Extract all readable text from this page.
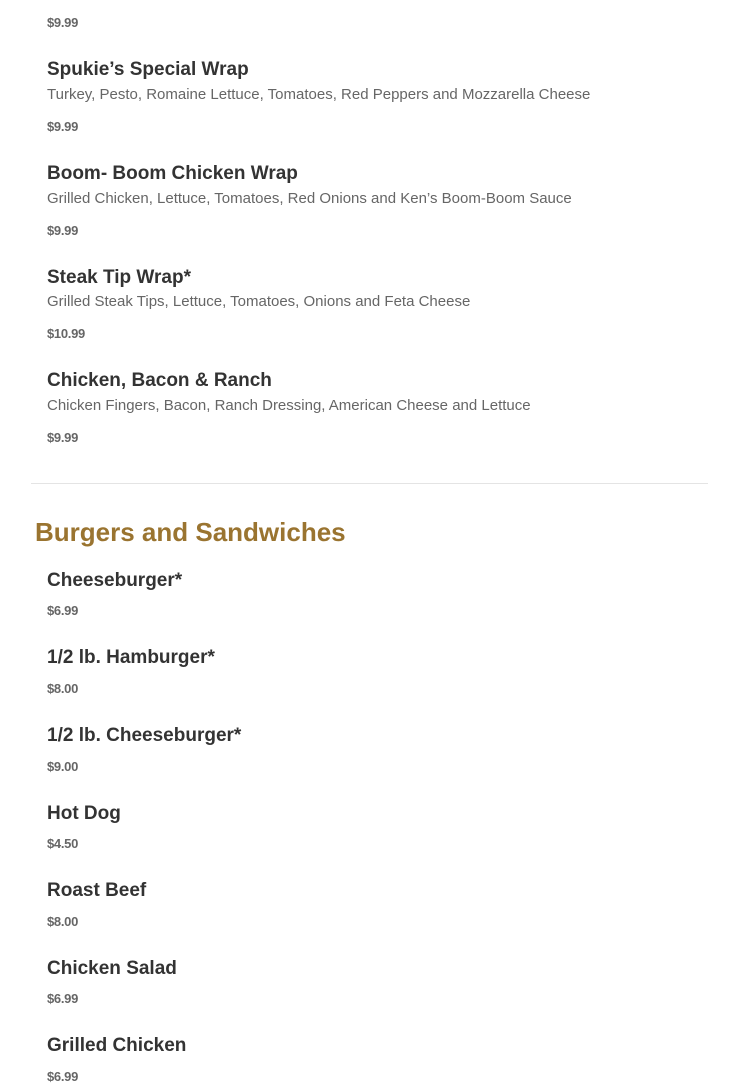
$9.99
Spukie’s Special Wrap
Turkey, Pesto, Romaine Lettuce, Tomatoes, Red Peppers and Mozzarella Cheese
$9.99
Boom- Boom Chicken Wrap
Grilled Chicken, Lettuce, Tomatoes, Red Onions and Ken’s Boom-Boom Sauce
$9.99
Steak Tip Wrap*
Grilled Steak Tips, Lettuce, Tomatoes, Onions and Feta Cheese
$10.99
Chicken, Bacon & Ranch
Chicken Fingers, Bacon, Ranch Dressing, American Cheese and Lettuce
$9.99
Burgers and Sandwiches
Cheeseburger*
$6.99
1/2 lb. Hamburger*
$8.00
1/2 lb. Cheeseburger*
$9.00
Hot Dog
$4.50
Roast Beef
$8.00
Chicken Salad
$6.99
Grilled Chicken
$6.99
